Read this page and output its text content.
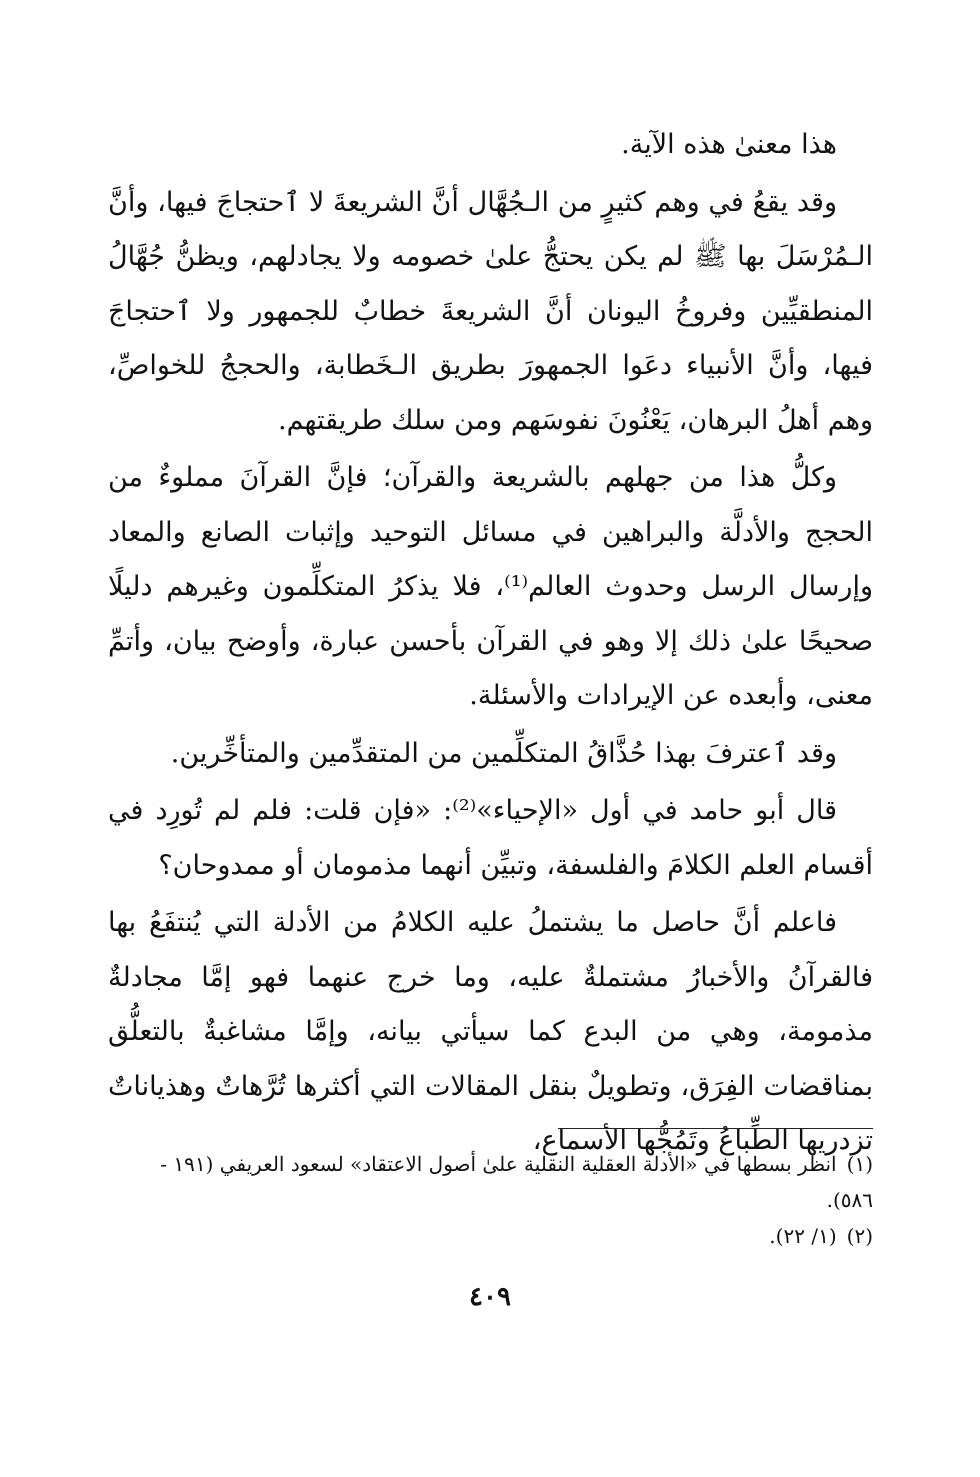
هذا معنىٰ هذه الآية.

وقد يقعُ في وهم كثيرٍ من الـجُهَّال أنَّ الشريعةَ لا ٱحتجاجَ فيها، وأنَّ الـمُرْسَلَ بها ﷺ لم يكن يحتجُّ علىٰ خصومه ولا يجادلهم، ويظنُّ جُهَّالُ المنطقيِّين وفروخُ اليونان أنَّ الشريعةَ خطابٌ للجمهور ولا ٱحتجاجَ فيها، وأنَّ الأنبياء دعَوا الجمهورَ بطريق الـخَطابة، والحججُ للخواصِّ، وهم أهلُ البرهان، يَعْنُونَ نفوسَهم ومن سلك طريقتهم.

وكلُّ هذا من جهلهم بالشريعة والقرآن؛ فإنَّ القرآنَ مملوءٌ من الحجج والأدلَّة والبراهين في مسائل التوحيد وإثبات الصانع والمعاد وإرسال الرسل وحدوث العالم⁽¹⁾، فلا يذكرُ المتكلِّمون وغيرهم دليلًا صحيحًا علىٰ ذلك إلا وهو في القرآن بأحسن عبارة، وأوضح بيان، وأتمِّ معنى، وأبعده عن الإيرادات والأسئلة.

وقد ٱعترفَ بهذا حُذَّاقُ المتكلِّمين من المتقدِّمين والمتأخِّرين.

قال أبو حامد في أول «الإحياء»⁽²⁾: «فإن قلت: فلم لم تُورِد في أقسام العلم الكلامَ والفلسفة، وتبيِّن أنهما مذمومان أو ممدوحان؟

فاعلم أنَّ حاصل ما يشتملُ عليه الكلامُ من الأدلة التي يُنتفَعُ بها فالقرآنُ والأخبارُ مشتملةٌ عليه، وما خرج عنهما فهو إمَّا مجادلةٌ مذمومة، وهي من البدع كما سيأتي بيانه، وإمَّا مشاغبةٌ بالتعلُّق بمناقضات الفِرَق، وتطويلٌ بنقل المقالات التي أكثرها تُرَّهاتٌ وهذياناتٌ تزدريها الطِّباعُ وتَمُجُّها الأسماع،

(١)انظر بسطها في «الأدلة العقلية النقلية علىٰ أصول الاعتقاد» لسعود العريفي (١٩١ -

٥٨٦).

(٢)(١/ ٢٢).

٤٠٩
